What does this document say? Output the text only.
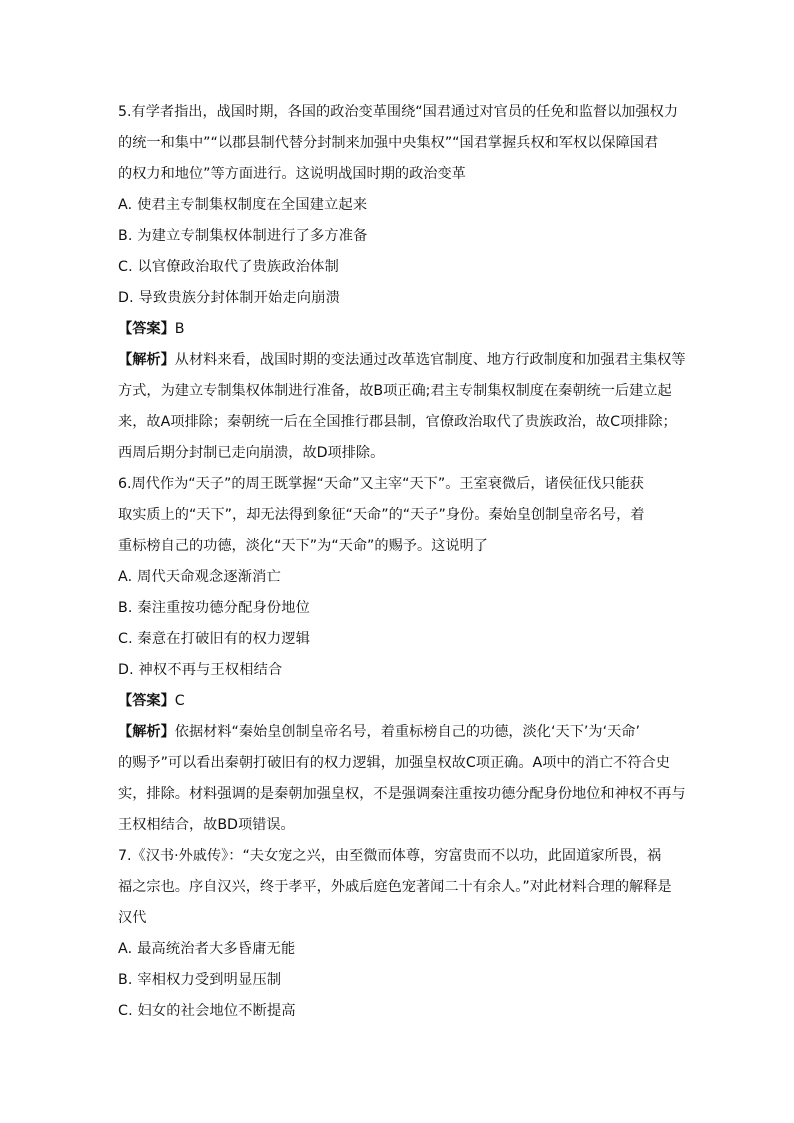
5.有学者指出，战国时期，各国的政治变革围绕“国君通过对官员的任免和监督以加强权力
的统一和集中”“以郡县制代替分封制来加强中央集权”“国君掌握兵权和军权以保障国君
的权力和地位”等方面进行。这说明战国时期的政治变革
A. 使君主专制集权制度在全国建立起来
B. 为建立专制集权体制进行了多方准备
C. 以官僚政治取代了贵族政治体制
D. 导致贵族分封体制开始走向崩溃
【答案】B
【解析】从材料来看，战国时期的变法通过改革选官制度、地方行政制度和加强君主集权等
方式，为建立专制集权体制进行准备，故B项正确;君主专制集权制度在秦朝统一后建立起
来，故A项排除；秦朝统一后在全国推行郡县制，官僚政治取代了贵族政治，故C项排除；
西周后期分封制已走向崩溃，故D项排除。
6.周代作为“天子”的周王既掌握“天命”又主宰“天下”。王室衰微后，诸侯征伐只能获
取实质上的“天下”，却无法得到象征“天命”的“天子”身份。秦始皇创制皇帝名号，着
重标榜自己的功德，淡化“天下”为“天命”的赐予。这说明了
A. 周代天命观念逐渐消亡
B. 秦注重按功德分配身份地位
C. 秦意在打破旧有的权力逻辑
D. 神权不再与王权相结合
【答案】C
【解析】依据材料“秦始皇创制皇帝名号，着重标榜自己的功德，淡化‘天下’为‘天命’
的赐予”可以看出秦朝打破旧有的权力逻辑，加强皇权故C项正确。A项中的消亡不符合史
实，排除。材料强调的是秦朝加强皇权，不是强调秦注重按功德分配身份地位和神权不再与
王权相结合，故BD项错误。
7.《汉书·外戚传》：“夫女宠之兴，由至微而体尊，穷富贵而不以功，此固道家所畏，祸
福之宗也。序自汉兴，终于孝平，外戚后庭色宠著闻二十有余人。”对此材料合理的解释是
汉代
A. 最高统治者大多昏庸无能
B. 宰相权力受到明显压制
C. 妇女的社会地位不断提高
